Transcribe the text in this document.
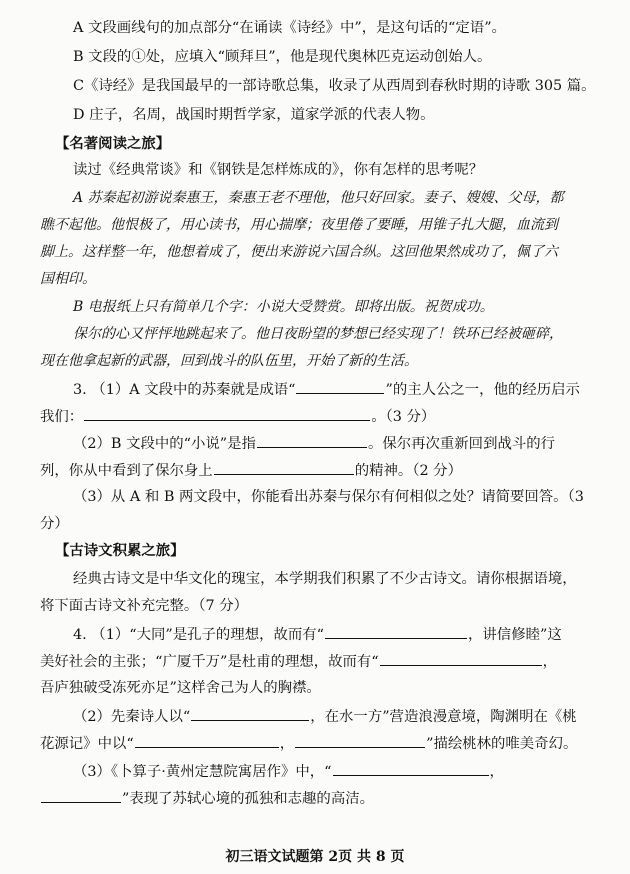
A 文段画线句的加点部分“在诵读《诗经》中”，是这句话的“定语”。
B 文段的①处，应填入“顾拜旦”，他是现代奥林匹克运动创始人。
C《诗经》是我国最早的一部诗歌总集，收录了从西周到春秋时期的诗歌 305 篇。
D 庄子，名周，战国时期哲学家，道家学派的代表人物。
【名著阅读之旅】
读过《经典常谈》和《钢铁是怎样炼成的》，你有怎样的思考呢？
A 苏秦起初游说秦惠王，秦惠王老不理他，他只好回家。妻子、嫂嫂、父母，都
瞧不起他。他恨极了，用心读书，用心揣摩；夜里倦了要睡，用锥子扎大腿，血流到
脚上。这样整一年，他想着成了，便出来游说六国合纵。这回他果然成功了，佩了六
国相印。
B 电报纸上只有简单几个字：小说大受赞赏。即将出版。祝贺成功。
保尔的心又怦怦地跳起来了。他日夜盼望的梦想已经实现了！铁环已经被砸碎，
现在他拿起新的武器，回到战斗的队伍里，开始了新的生活。
3. （1）A 文段中的苏秦就是成语“	”的主人公之一，他的经历启示
我们：	。（3 分）
（2）B 文段中的“小说”是指	。保尔再次重新回到战斗的行
列，你从中看到了保尔身上	的精神。（2 分）
（3）从 A 和 B 两文段中，你能看出苏秦与保尔有何相似之处？请简要回答。（3
分）
【古诗文积累之旅】
经典古诗文是中华文化的瑰宝，本学期我们积累了不少古诗文。请你根据语境，
将下面古诗文补充完整。（7 分）
4. （1）“大同”是孔子的理想，故而有“	，讲信修睦”这
美好社会的主张；“广厦千万”是杜甫的理想，故而有“	，
吾庐独破受冻死亦足”这样舍己为人的胸襟。
（2）先秦诗人以“	，在水一方”营造浪漫意境，陶渊明在《桃
花源记》中以“	，	”描绘桃林的唯美奇幻。
（3）《卜算子·黄州定慧院寓居作》中，“	，
”表现了苏轼心境的孤独和志趣的高洁。
初三语文试题第 2页 共 8 页
